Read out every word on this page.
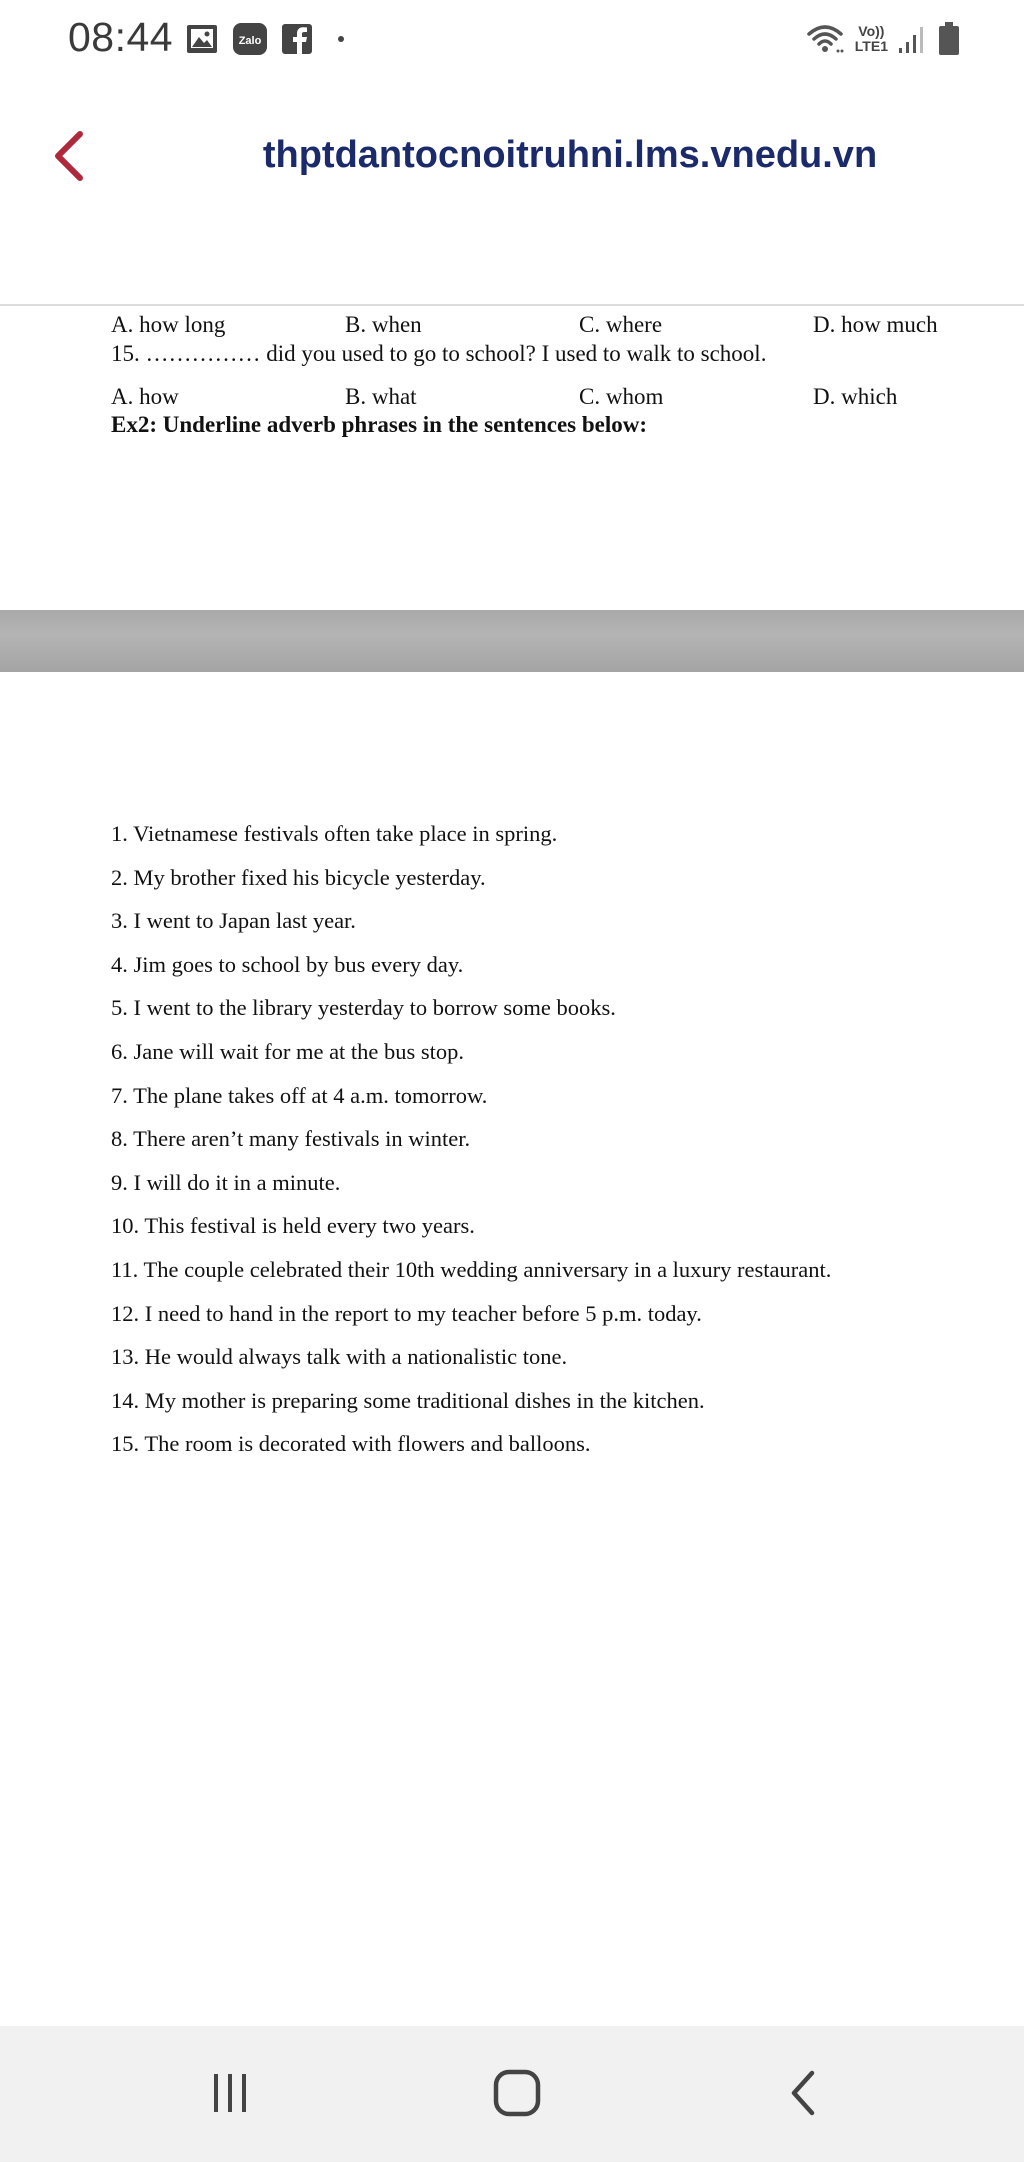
08:44	Zalo
Vo))
LTE1
thptdantocnoitruhni.lms.vnedu.vn
A. how long	B. when	C. where	D. how much
15. …………… did you used to go to school? I used to walk to school.
A. how	B. what	C. whom	D. which
Ex2: Underline adverb phrases in the sentences below:
1. Vietnamese festivals often take place in spring.
2. My brother fixed his bicycle yesterday.
3. I went to Japan last year.
4. Jim goes to school by bus every day.
5. I went to the library yesterday to borrow some books.
6. Jane will wait for me at the bus stop.
7. The plane takes off at 4 a.m. tomorrow.
8. There aren’t many festivals in winter.
9. I will do it in a minute.
10. This festival is held every two years.
11. The couple celebrated their 10th wedding anniversary in a luxury restaurant.
12. I need to hand in the report to my teacher before 5 p.m. today.
13. He would always talk with a nationalistic tone.
14. My mother is preparing some traditional dishes in the kitchen.
15. The room is decorated with flowers and balloons.
